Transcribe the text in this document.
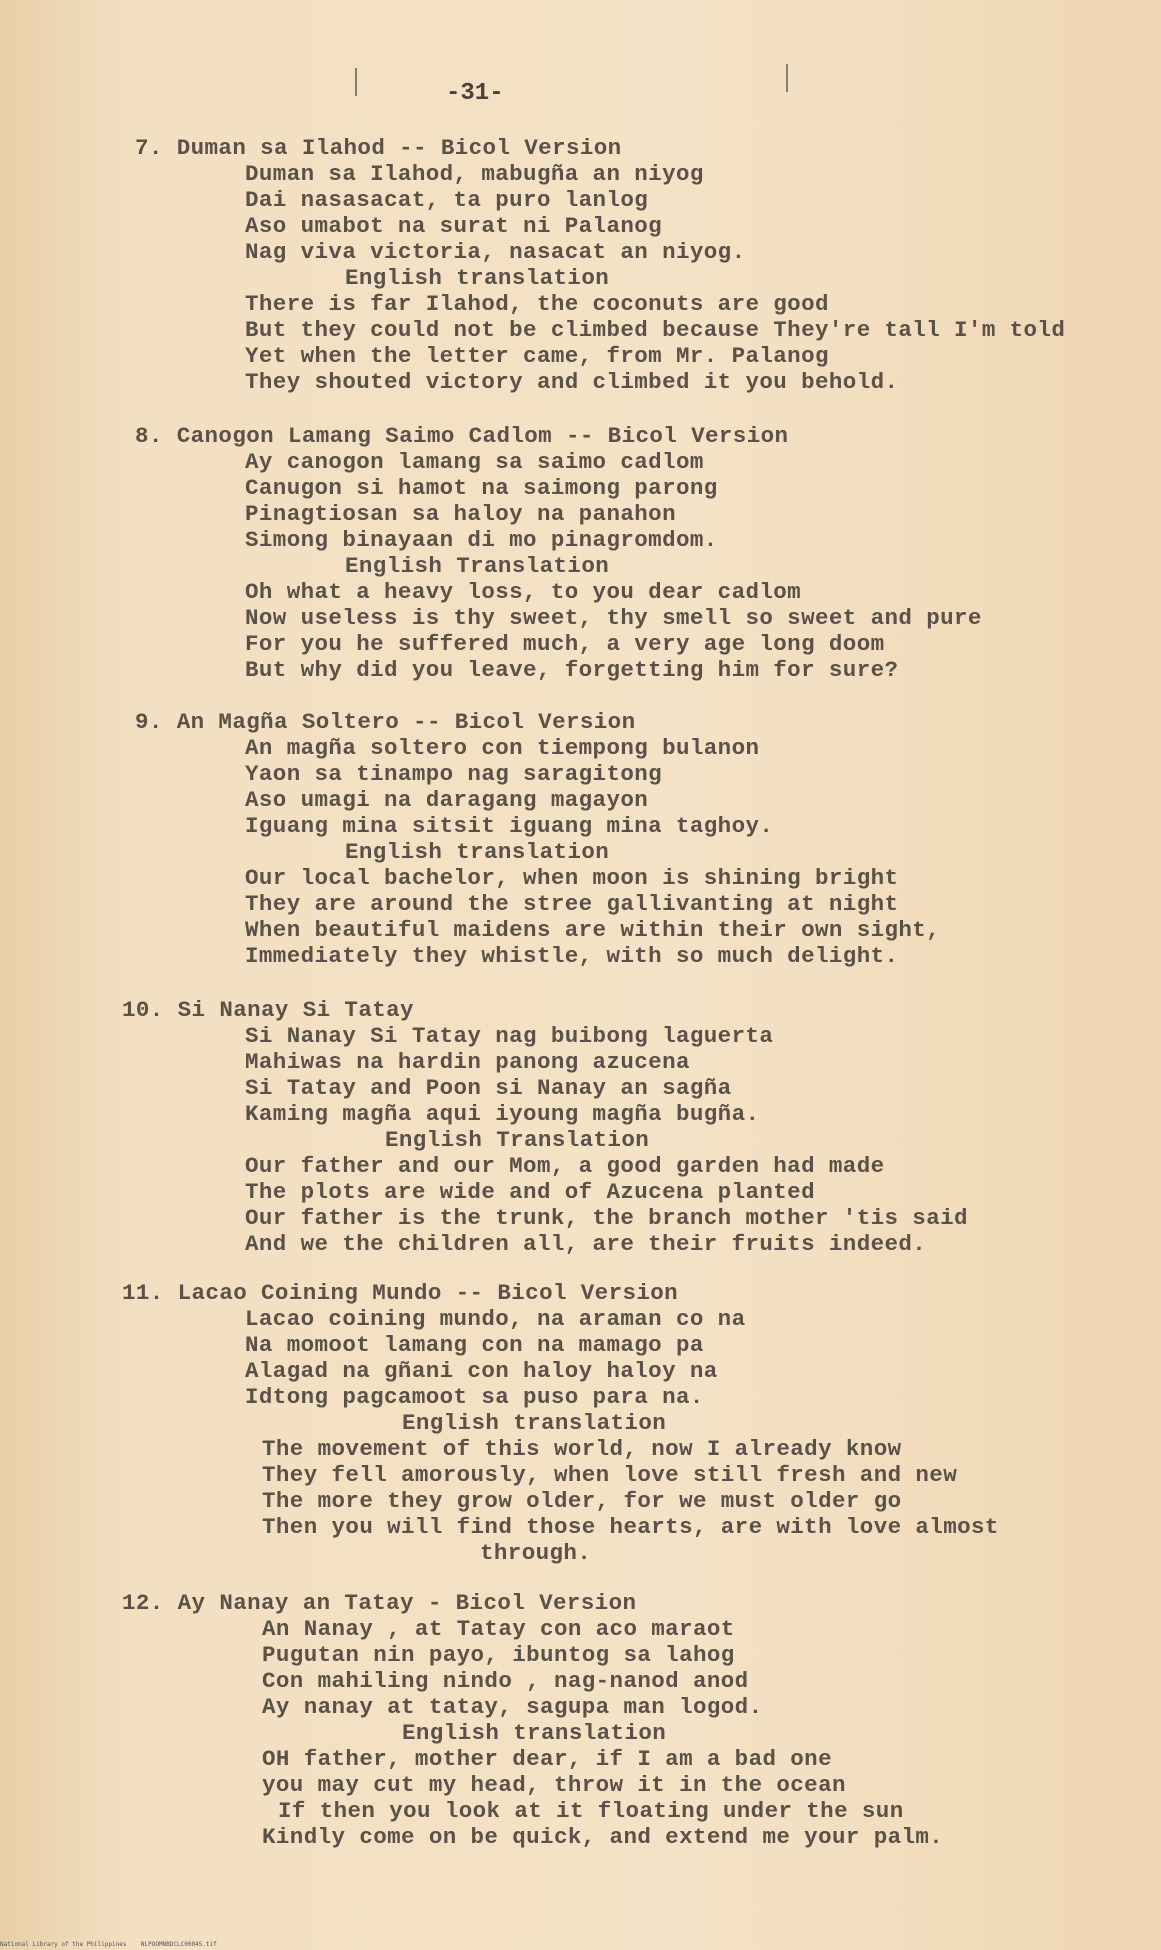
-31-
7. Duman sa Ilahod -- Bicol Version
Duman sa Ilahod, mabugña an niyog
Dai nasasacat, ta puro lanlog
Aso umabot na surat ni Palanog
Nag viva victoria, nasacat an niyog.
English translation
There is far Ilahod, the coconuts are good
But they could not be climbed because They're tall I'm told
Yet when the letter came, from Mr. Palanog
They shouted victory and climbed it you behold.
8. Canogon Lamang Saimo Cadlom -- Bicol Version
Ay canogon lamang sa saimo cadlom
Canugon si hamot na saimong parong
Pinagtiosan sa haloy na panahon
Simong binayaan di mo pinagromdom.
English Translation
Oh what a heavy loss, to you dear cadlom
Now useless is thy sweet, thy smell so sweet and pure
For you he suffered much, a very age long doom
But why did you leave, forgetting him for sure?
9. An Magña Soltero -- Bicol Version
An magña soltero con tiempong bulanon
Yaon sa tinampo nag saragitong
Aso umagi na daragang magayon
Iguang mina sitsit iguang mina taghoy.
English translation
Our local bachelor, when moon is shining bright
They are around the stree gallivanting at night
When beautiful maidens are within their own sight,
Immediately they whistle, with so much delight.
10. Si Nanay Si Tatay
Si Nanay Si Tatay nag buibong laguerta
Mahiwas na hardin panong azucena
Si Tatay and Poon si Nanay an sagña
Kaming magña aqui iyoung magña bugña.
English Translation
Our father and our Mom, a good garden had made
The plots are wide and of Azucena planted
Our father is the trunk, the branch mother 'tis said
And we the children all, are their fruits indeed.
11. Lacao Coining Mundo -- Bicol Version
Lacao coining mundo, na araman co na
Na momoot lamang con na mamago pa
Alagad na gñani con haloy haloy na
Idtong pagcamoot sa puso para na.
English translation
The movement of this world, now I already know
They fell amorously, when love still fresh and new
The more they grow older, for we must older go
Then you will find those hearts, are with love almost
through.
12. Ay Nanay an Tatay - Bicol Version
An Nanay , at Tatay con aco maraot
Pugutan nin payo, ibuntog sa lahog
Con mahiling nindo , nag-nanod anod
Ay nanay at tatay, sagupa man logod.
English translation
OH father, mother dear, if I am a bad one
you may cut my head, throw it in the ocean
If then you look at it floating under the sun
Kindly come on be quick, and extend me your palm.
National Library of the Philippines    NLPOOMNBDCLC0004S.tif
